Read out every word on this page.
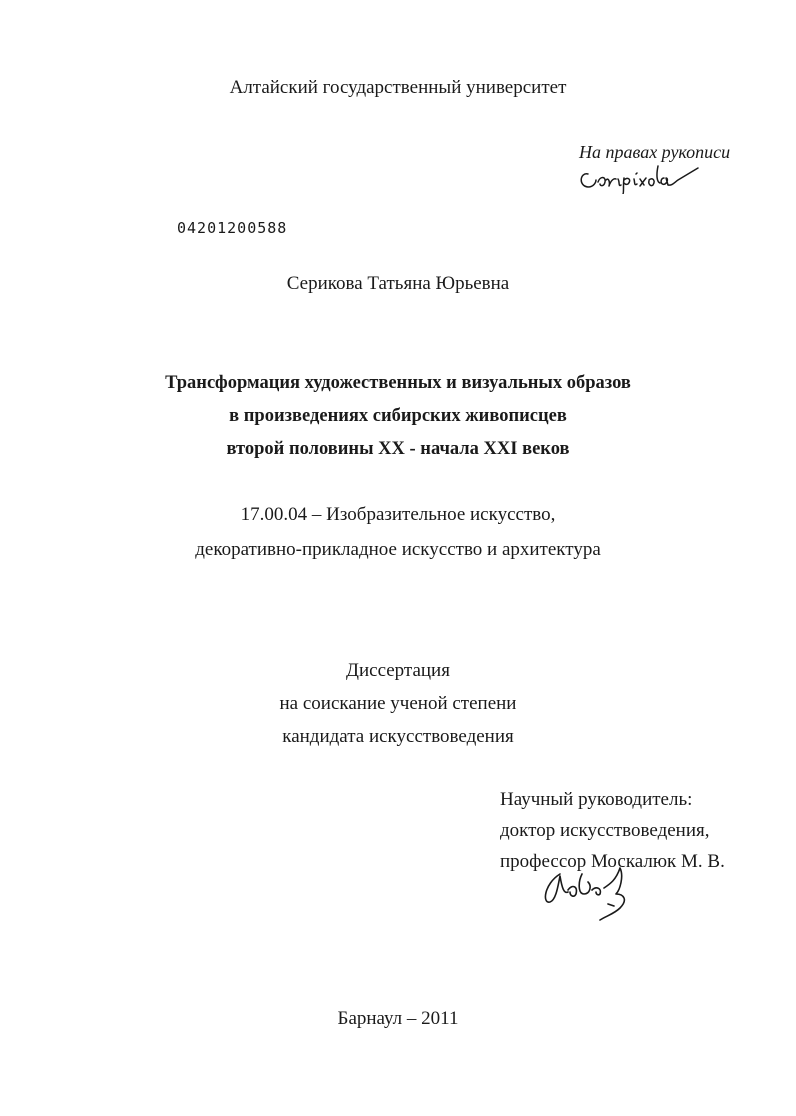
Алтайский государственный университет
На правах рукописи
04201200588
Серикова Татьяна Юрьевна
Трансформация художественных и визуальных образов
в произведениях сибирских живописцев
второй половины XX - начала XXI веков
17.00.04 – Изобразительное искусство,
декоративно-прикладное искусство и архитектура
Диссертация
на соискание ученой степени
кандидата искусствоведения
Научный руководитель:
доктор искусствоведения,
профессор Москалюк М. В.
Барнаул – 2011
